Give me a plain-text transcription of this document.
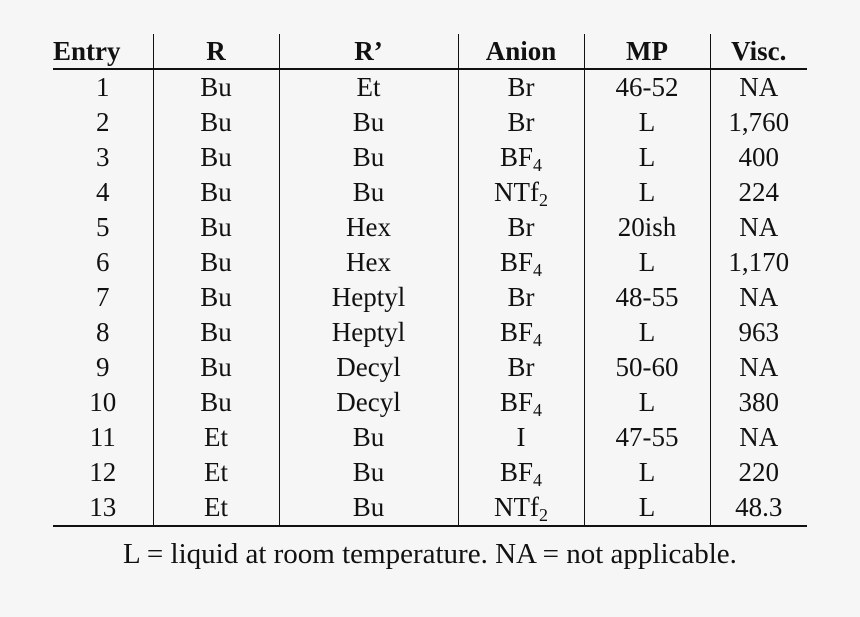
Entry	R	R’	Anion	MP	Visc.
1	Bu	Et	Br	46-52	NA
2	Bu	Bu	Br	L	1,760
3	Bu	Bu	$BF_4$	L	400
4	Bu	Bu	NTf$_2$	L	224
5	Bu	Hex	Br	20ish	NA
6	Bu	Hex	$BF_4$	L	1,170
7	Bu	Heptyl	Br	48-55	NA
8	Bu	Heptyl	$BF_4$	L	963
9	Bu	Decyl	Br	50-60	NA
10	Bu	Decyl	$BF_4$	L	380
11	Et	Bu	I	47-55	NA
12	Et	Bu	$BF_4$	L	220
13	Et	Bu	NTf$_2$	L	48.3
L = liquid at room temperature. NA = not applicable.
